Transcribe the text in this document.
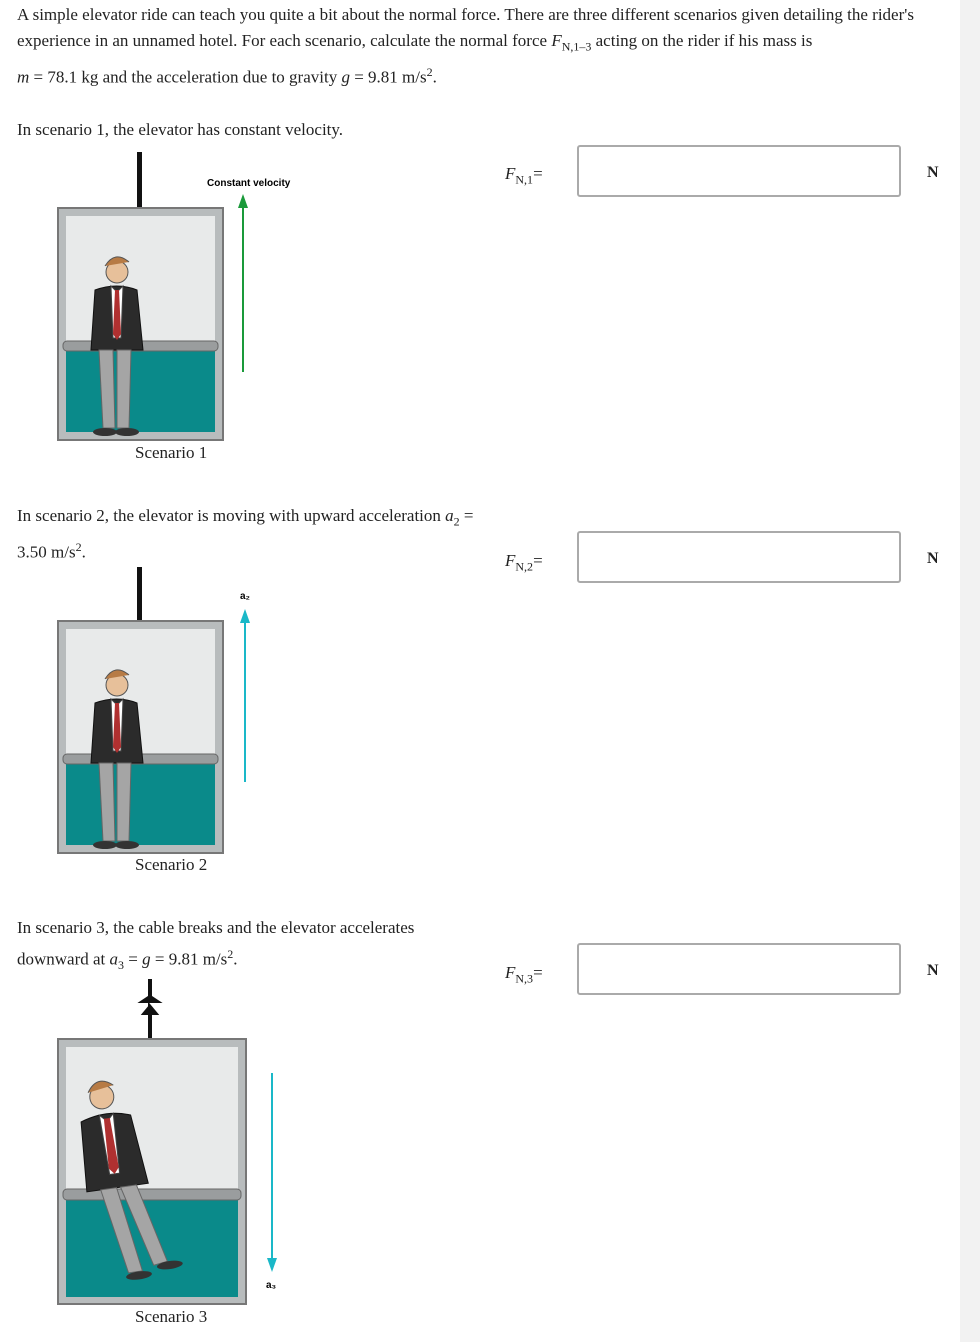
A simple elevator ride can teach you quite a bit about the normal force. There are three different scenarios given detailing the rider's experience in an unnamed hotel. For each scenario, calculate the normal force $F_{N,1-3}$ acting on the rider if his mass is
m = 78.1 kg and the acceleration due to gravity g = 9.81 $m/s^2$.
In scenario 1, the elevator has constant velocity.
$F_{N,1}=$	N
Constant velocity
Scenario 1
In scenario 2, the elevator is moving with upward acceleration $a_2 = 3.50$ $m/s^2$.	$F_{N,2}=$	N
a₂
Scenario 2
In scenario 3, the cable breaks and the elevator accelerates downward at $a_3 = g = 9.81$ $m/s^2$.
$F_{N,3}=$	N
a₃
Scenario 3
